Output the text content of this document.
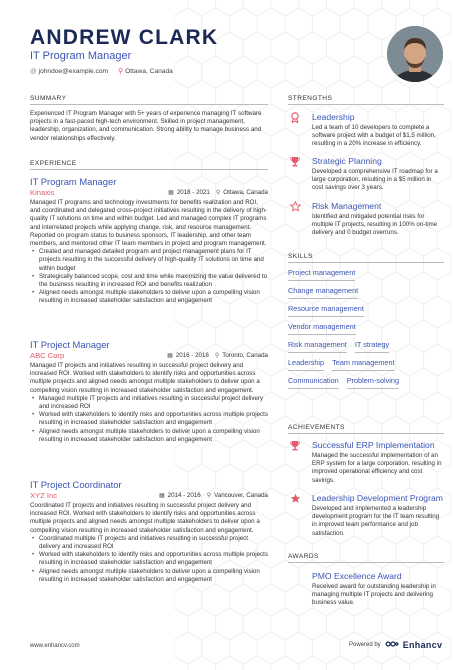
ANDREW CLARK
IT Program Manager
@ johndoe@example.com ⚲ Ottawa, Canada
SUMMARY
Experienced IT Program Manager with 5+ years of experience managing IT software projects in a fast-paced high-tech environment. Skilled in project management, leadership, organization, and communication. Strong ability to manage business and vendor relationships effectively.
EXPERIENCE
IT Program Manager
Kinaxis	▦ 2018 - 2021 ⚲ Ottawa, Canada
Managed IT programs and technology investments for benefits realization and ROI, and coordinated and delegated cross-project initiatives resulting in the delivery of high-quality IT solutions on time and within budget. Led and managed complex IT programs and interrelated projects while applying change, risk, and resource management. Reported on program status to business sponsors, IT leadership, and other team members, and mentored other IT team members in project and program management.
• Created and managed detailed program and project management plans for IT projects resulting in the successful delivery of high-quality IT solutions on time and within budget
• Strategically balanced scope, cost and time while maximizing the value delivered to the business resulting in increased ROI and benefits realization
• Aligned needs amongst multiple stakeholders to deliver upon a compelling vision resulting in increased stakeholder satisfaction and engagement
IT Project Manager
ABC Corp	▦ 2016 - 2018 ⚲ Toronto, Canada
Managed IT projects and initiatives resulting in successful project delivery and increased ROI. Worked with stakeholders to identify risks and opportunities across multiple projects and aligned needs amongst multiple stakeholders to deliver upon a compelling vision resulting in increased stakeholder satisfaction and engagement.
• Managed multiple IT projects and initiatives resulting in successful project delivery and increased ROI
• Worked with stakeholders to identify risks and opportunities across multiple projects resulting in increased stakeholder satisfaction and engagement
• Aligned needs amongst multiple stakeholders to deliver upon a compelling vision resulting in increased stakeholder satisfaction and engagement
IT Project Coordinator
XYZ Inc	▦ 2014 - 2016 ⚲ Vancouver, Canada
Coordinated IT projects and initiatives resulting in successful project delivery and increased ROI. Worked with stakeholders to identify risks and opportunities across multiple projects and aligned needs amongst multiple stakeholders to deliver upon a compelling vision resulting in increased stakeholder satisfaction and engagement.
• Coordinated multiple IT projects and initiatives resulting in successful project delivery and increased ROI
• Worked with stakeholders to identify risks and opportunities across multiple projects resulting in increased stakeholder satisfaction and engagement
• Aligned needs amongst multiple stakeholders to deliver upon a compelling vision resulting in increased stakeholder satisfaction and engagement
STRENGTHS
Leadership
Led a team of 10 developers to complete a software project with a budget of $1.5 million, resulting in a 20% increase in efficiency.
Strategic Planning
Developed a comprehensive IT roadmap for a large corporation, resulting in a $5 million in cost savings over 3 years.
Risk Management
Identified and mitigated potential risks for multiple IT projects, resulting in 100% on-time delivery and 0 budget overruns.
SKILLS
Project management
Change management
Resource management
Vendor management
Risk management IT strategy
Leadership Team management
Communication Problem-solving
ACHIEVEMENTS
Successful ERP Implementation
Managed the successful implementation of an ERP system for a large corporation, resulting in improved operational efficiency and cost savings.
Leadership Development Program
Developed and implemented a leadership development program for the IT team resulting in improved team performance and job satisfaction.
AWARDS
PMO Excellence Award
Received award for outstanding leadership in managing multiple IT projects and delivering business value.
www.enhancv.com	Powered by Enhancv
